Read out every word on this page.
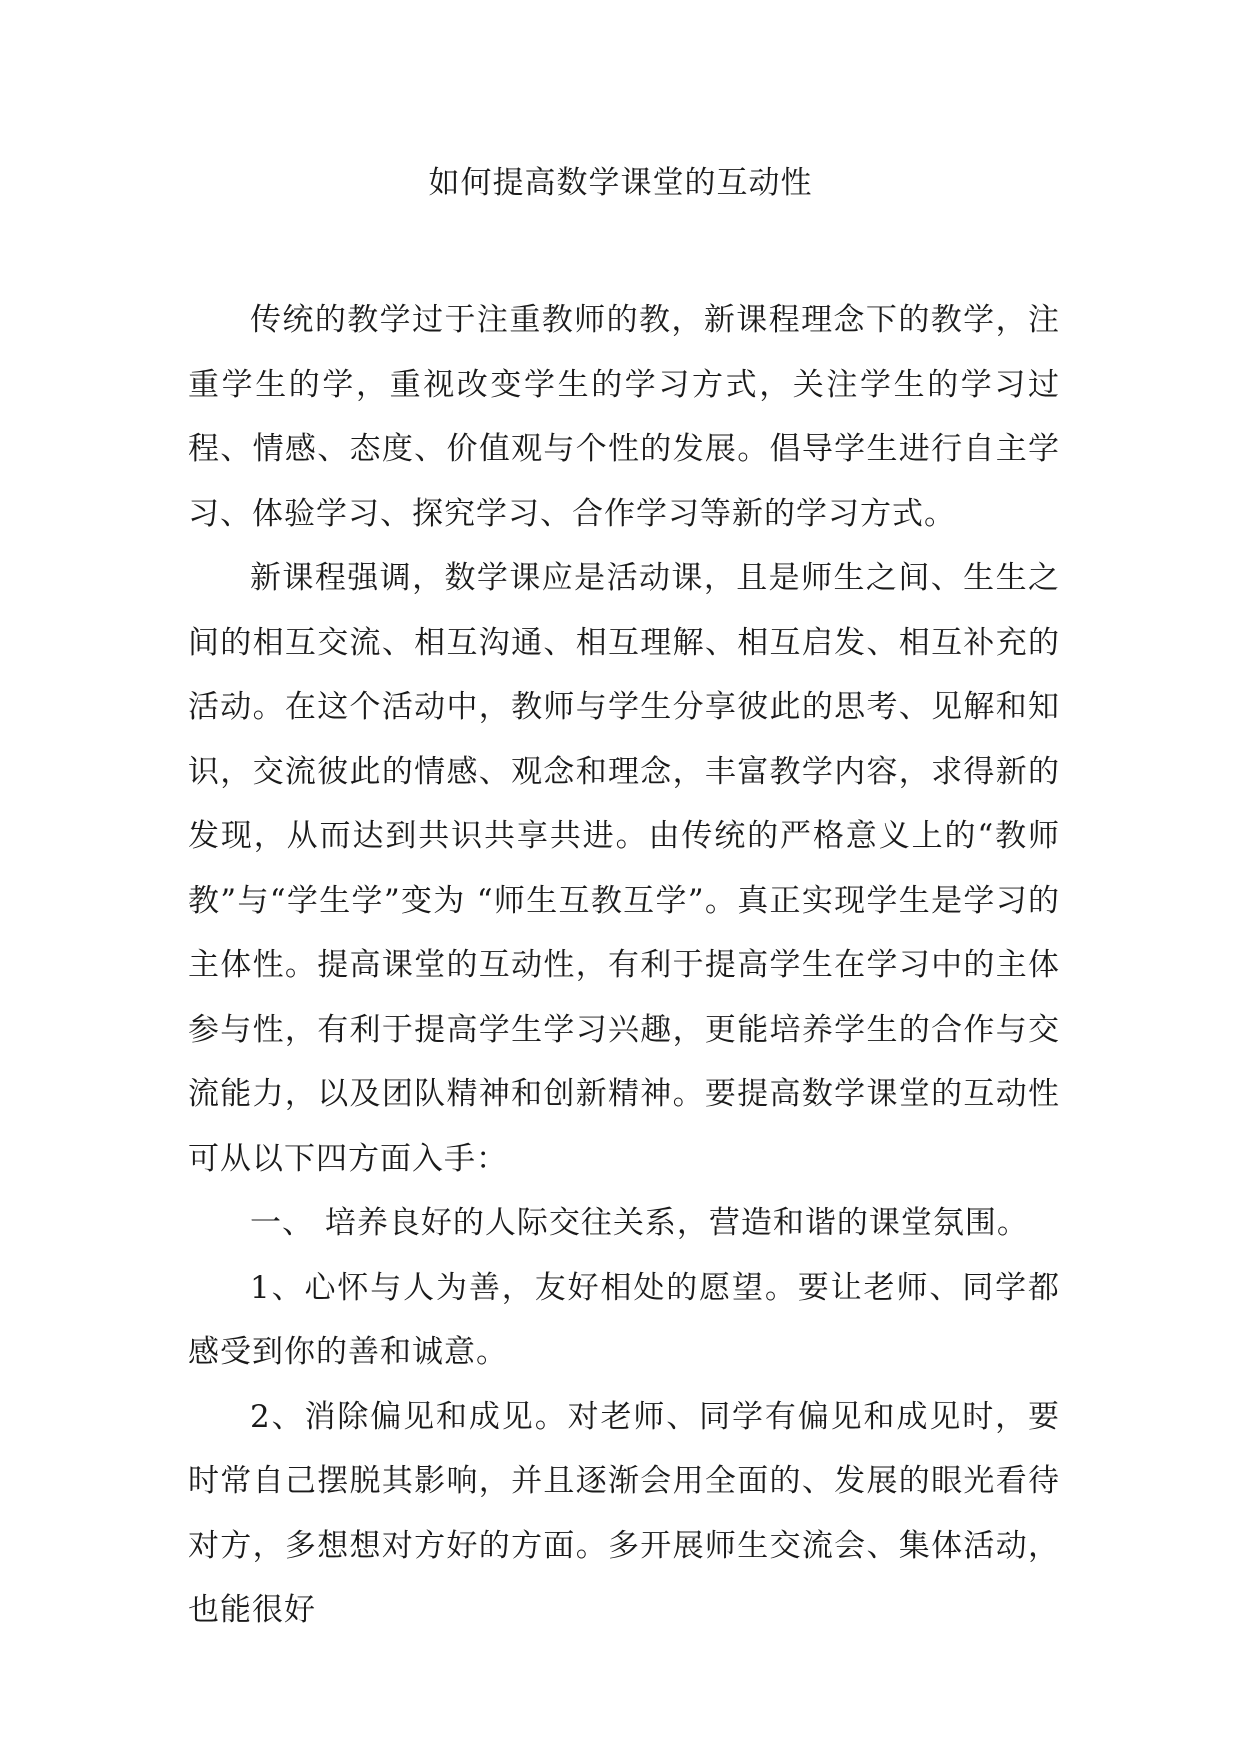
如何提高数学课堂的互动性

传统的教学过于注重教师的教，新课程理念下的教学，注重学生的学，重视改变学生的学习方式，关注学生的学习过程、情感、态度、价值观与个性的发展。倡导学生进行自主学习、体验学习、探究学习、合作学习等新的学习方式。

新课程强调，数学课应是活动课，且是师生之间、生生之间的相互交流、相互沟通、相互理解、相互启发、相互补充的活动。在这个活动中，教师与学生分享彼此的思考、见解和知识，交流彼此的情感、观念和理念，丰富教学内容，求得新的发现，从而达到共识共享共进。由传统的严格意义上的“教师教”与“学生学”变为 “师生互教互学”。真正实现学生是学习的主体性。提高课堂的互动性，有利于提高学生在学习中的主体参与性，有利于提高学生学习兴趣，更能培养学生的合作与交流能力，以及团队精神和创新精神。要提高数学课堂的互动性可从以下四方面入手：

一、 培养良好的人际交往关系，营造和谐的课堂氛围。

1、心怀与人为善，友好相处的愿望。要让老师、同学都感受到你的善和诚意。

2、消除偏见和成见。对老师、同学有偏见和成见时，要时常自己摆脱其影响，并且逐渐会用全面的、发展的眼光看待对方，多想想对方好的方面。多开展师生交流会、集体活动，也能很好
